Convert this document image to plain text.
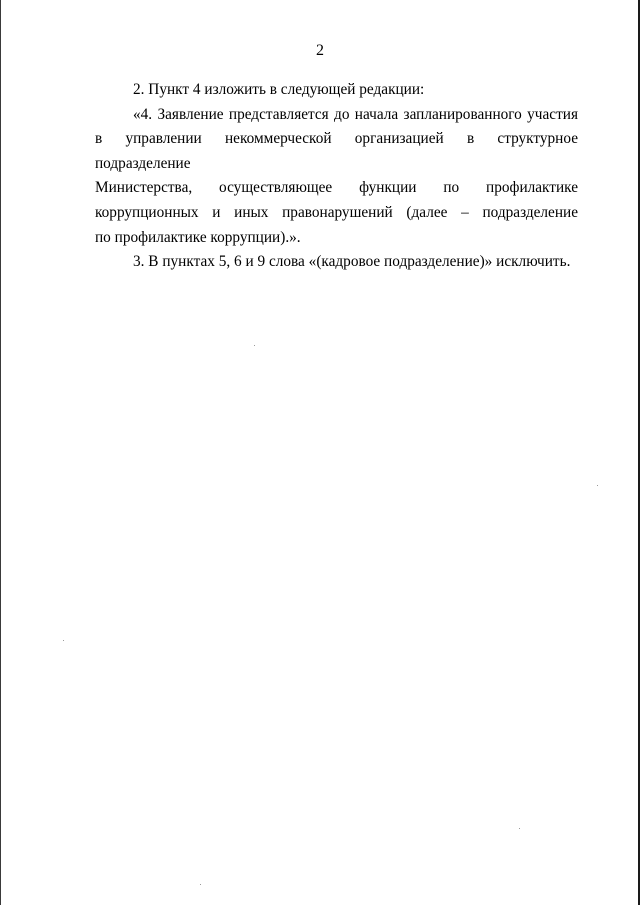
2

2. Пункт 4 изложить в следующей редакции:

«4. Заявление представляется до начала запланированного участия

в управлении некоммерческой организацией в структурное подразделение

Министерства, осуществляющее функции по профилактике

коррупционных и иных правонарушений (далее – подразделение

по профилактике коррупции).».

3. В пунктах 5, 6 и 9 слова «(кадровое подразделение)» исключить.
